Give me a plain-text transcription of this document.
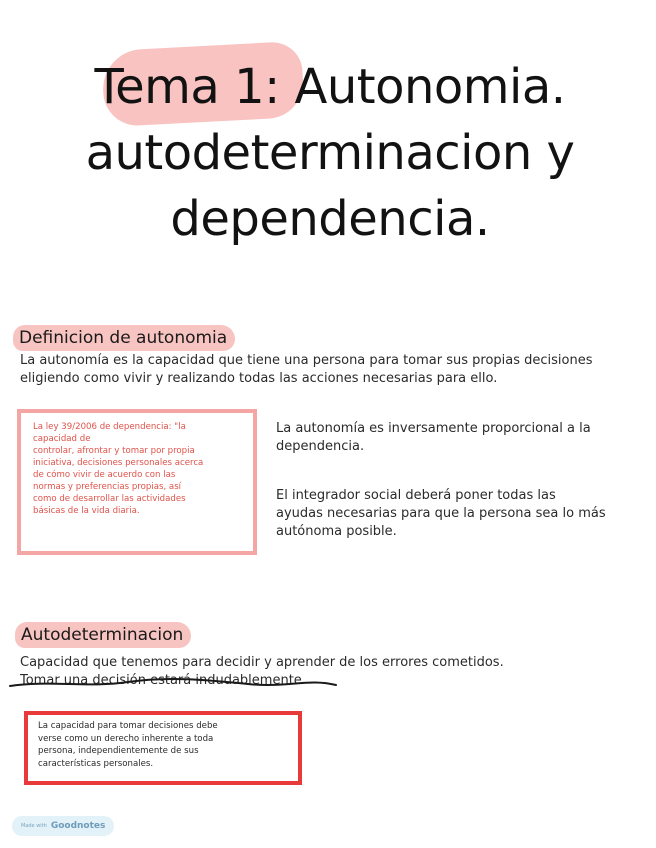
Tema 1: Autonomia.
autodeterminacion y
dependencia.
Definicion de autonomia
La autonomía es la capacidad que tiene una persona para tomar sus propias decisiones
eligiendo como vivir y realizando todas las acciones necesarias para ello.
La ley 39/2006 de dependencia: "la
capacidad de
controlar, afrontar y tomar por propia
iniciativa, decisiones personales acerca
de cómo vivir de acuerdo con las
normas y preferencias propias, así
como de desarrollar las actividades
básicas de la vida diaria.
La autonomía es inversamente proporcional a la
dependencia.
El integrador social deberá poner todas las
ayudas necesarias para que la persona sea lo más
autónoma posible.
Autodeterminacion
Capacidad que tenemos para decidir y aprender de los errores cometidos.
Tomar una decisión estará indudablemente
La capacidad para tomar decisiones debe
verse como un derecho inherente a toda
persona, independientemente de sus
características personales.
Made with Goodnotes
